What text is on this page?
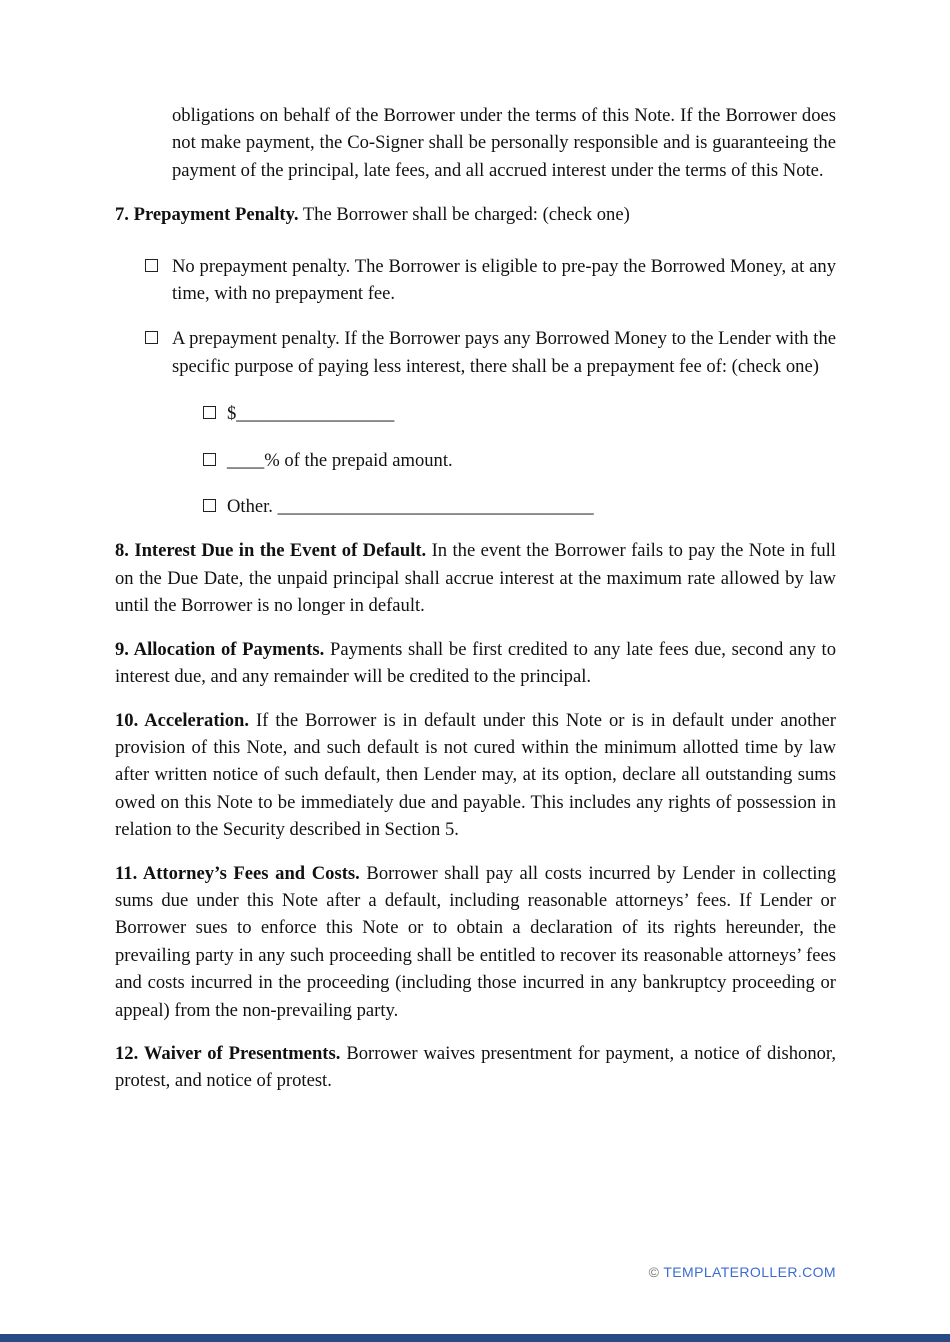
obligations on behalf of the Borrower under the terms of this Note. If the Borrower does not make payment, the Co-Signer shall be personally responsible and is guaranteeing the payment of the principal, late fees, and all accrued interest under the terms of this Note.

7. Prepayment Penalty. The Borrower shall be charged: (check one)

No prepayment penalty. The Borrower is eligible to pre-pay the Borrowed Money, at any time, with no prepayment fee.
A prepayment penalty. If the Borrower pays any Borrowed Money to the Lender with the specific purpose of paying less interest, there shall be a prepayment fee of: (check one)
$_________________
____% of the prepaid amount.
Other. __________________________________

8. Interest Due in the Event of Default. In the event the Borrower fails to pay the Note in full on the Due Date, the unpaid principal shall accrue interest at the maximum rate allowed by law until the Borrower is no longer in default.

9. Allocation of Payments. Payments shall be first credited to any late fees due, second any to interest due, and any remainder will be credited to the principal.

10. Acceleration. If the Borrower is in default under this Note or is in default under another provision of this Note, and such default is not cured within the minimum allotted time by law after written notice of such default, then Lender may, at its option, declare all outstanding sums owed on this Note to be immediately due and payable. This includes any rights of possession in relation to the Security described in Section 5.

11. Attorney’s Fees and Costs. Borrower shall pay all costs incurred by Lender in collecting sums due under this Note after a default, including reasonable attorneys’ fees. If Lender or Borrower sues to enforce this Note or to obtain a declaration of its rights hereunder, the prevailing party in any such proceeding shall be entitled to recover its reasonable attorneys’ fees and costs incurred in the proceeding (including those incurred in any bankruptcy proceeding or appeal) from the non-prevailing party.

12. Waiver of Presentments. Borrower waives presentment for payment, a notice of dishonor, protest, and notice of protest.

© TEMPLATEROLLER.COM
